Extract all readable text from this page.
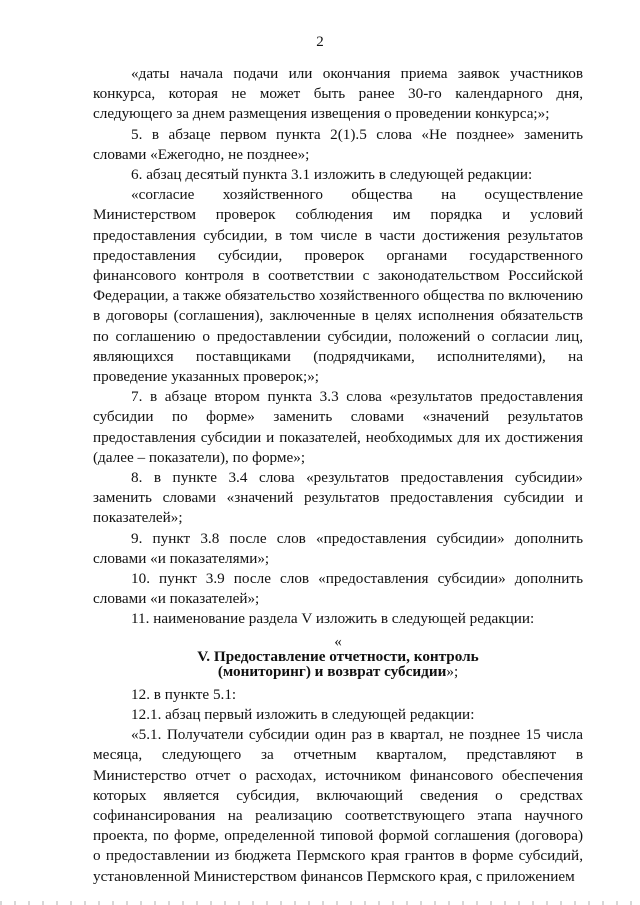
2

«даты начала подачи или окончания приема заявок участников конкурса, которая не может быть ранее 30-го календарного дня, следующего за днем размещения извещения о проведении конкурса;»;

5. в абзаце первом пункта 2(1).5 слова «Не позднее» заменить словами «Ежегодно, не позднее»;

6. абзац десятый пункта 3.1 изложить в следующей редакции:

«согласие хозяйственного общества на осуществление Министерством проверок соблюдения им порядка и условий предоставления субсидии, в том числе в части достижения результатов предоставления субсидии, проверок органами государственного финансового контроля в соответствии с законодательством Российской Федерации, а также обязательство хозяйственного общества по включению в договоры (соглашения), заключенные в целях исполнения обязательств по соглашению о предоставлении субсидии, положений о согласии лиц, являющихся поставщиками (подрядчиками, исполнителями), на проведение указанных проверок;»;

7. в абзаце втором пункта 3.3 слова «результатов предоставления субсидии по форме» заменить словами «значений результатов предоставления субсидии и показателей, необходимых для их достижения (далее – показатели), по форме»;

8. в пункте 3.4 слова «результатов предоставления субсидии» заменить словами «значений результатов предоставления субсидии и показателей»;

9. пункт 3.8 после слов «предоставления субсидии» дополнить словами «и показателями»;

10. пункт 3.9 после слов «предоставления субсидии» дополнить словами «и показателей»;

11. наименование раздела V изложить в следующей редакции:

«
V. Предоставление отчетности, контроль
(мониторинг) и возврат субсидии»;

12. в пункте 5.1:

12.1. абзац первый изложить в следующей редакции:

«5.1. Получатели субсидии один раз в квартал, не позднее 15 числа месяца, следующего за отчетным кварталом, представляют в Министерство отчет о расходах, источником финансового обеспечения которых является субсидия, включающий сведения о средствах софинансирования на реализацию соответствующего этапа научного проекта, по форме, определенной типовой формой соглашения (договора) о предоставлении из бюджета Пермского края грантов в форме субсидий, установленной Министерством финансов Пермского края, с приложением
